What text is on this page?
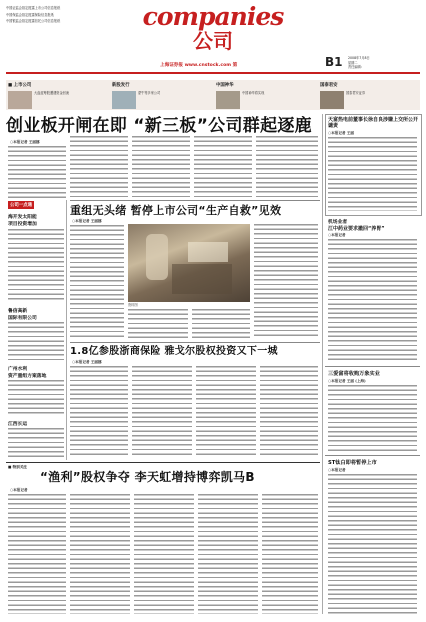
中国证监会指定披露上市公司信息报纸

中国保监会指定披露保险信息报纸

中国银监会指定披露信托公司信息报纸	companies
公司
B1 2008年7月8日
星期二
责任编辑:
上海证券报 www.cnstock.com 第
■ 上市公司
大盘蓝筹股遭遇资金回流
新股发行
蒙牛等多家公司
中国神华
中国神华将实现
国泰君安
国泰君安证券
创业板开闸在即 “新三板”公司群起逐鹿
○本报记者 王丽娜
公司一点通
海开发太阳能
项目投资增加
鲁信高新
国际有限公司
广州水利
资产重组方案落地
江西长运
重组无头绪 暂停上市公司“生产自救”见效
○本报记者 王丽娜
资料图
1.8亿参股浙商保险 雅戈尔股权投资又下一城
○本报记者 王丽娜
■ 特别关注
“渔利”股权争夺 李天虹增持博弈凯马B
○本报记者
天富热电前董事长徐自良涉嫌上交所公开谴责
○本报记者 王丽
机场业者
江中药业要求撤回“养胃”
○本报记者
三爱富将收购万象实业
○本报记者 王丽 (上海)
ST钛白即将暂停上市
○本报记者
